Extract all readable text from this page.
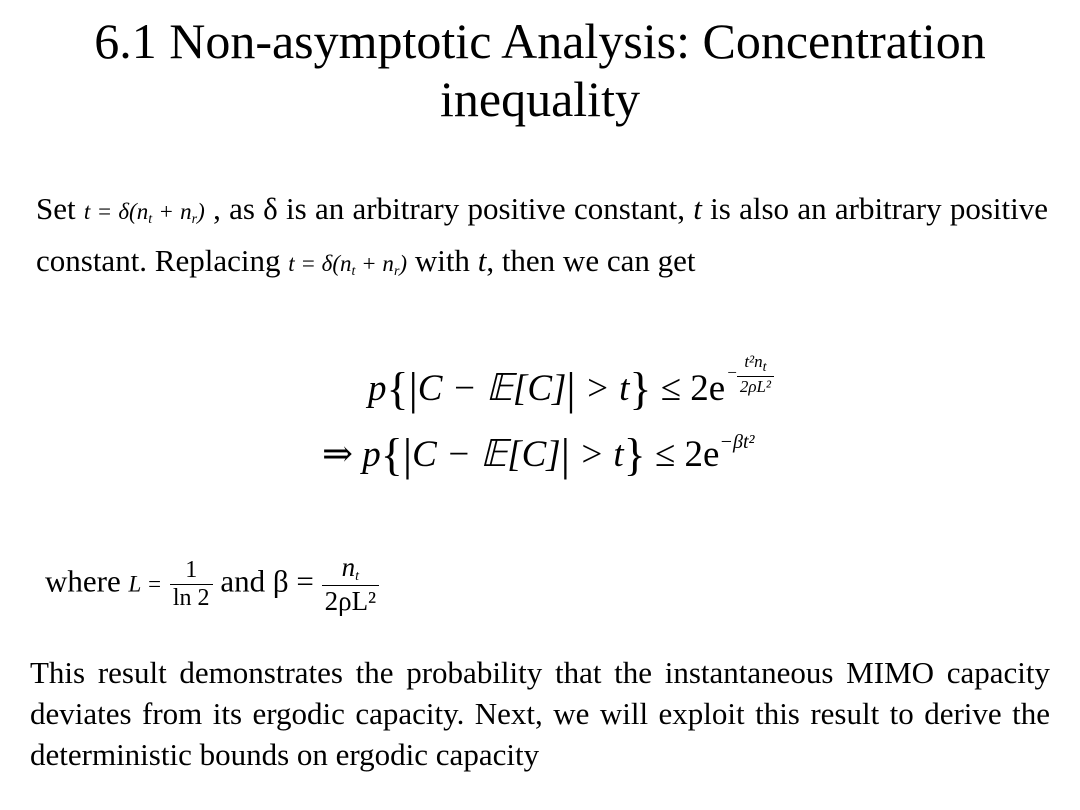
6.1 Non-asymptotic Analysis: Concentration
inequality
Set $t = \delta(n_t + n_r)$ , as δ is an arbitrary positive constant, t is also an arbitrary positive constant. Replacing $t = \delta(n_t + n_r)$ with t, then we can get
p{|C − 𝔼[C]| > t} ≤ 2e $^{- \frac{t^2n_t}{\text{2ρL²}}}$
⇒ p{|C − 𝔼[C]| > $t\} \le 2e^{-\beta t^2}$
where $L = \frac{1}{\ln 2}$ and $\beta = \frac{n_t}{\text{2ρL²}}$
This result demonstrates the probability that the instantaneous MIMO capacity deviates from its ergodic capacity. Next, we will exploit this result to derive the deterministic bounds on ergodic capacity
